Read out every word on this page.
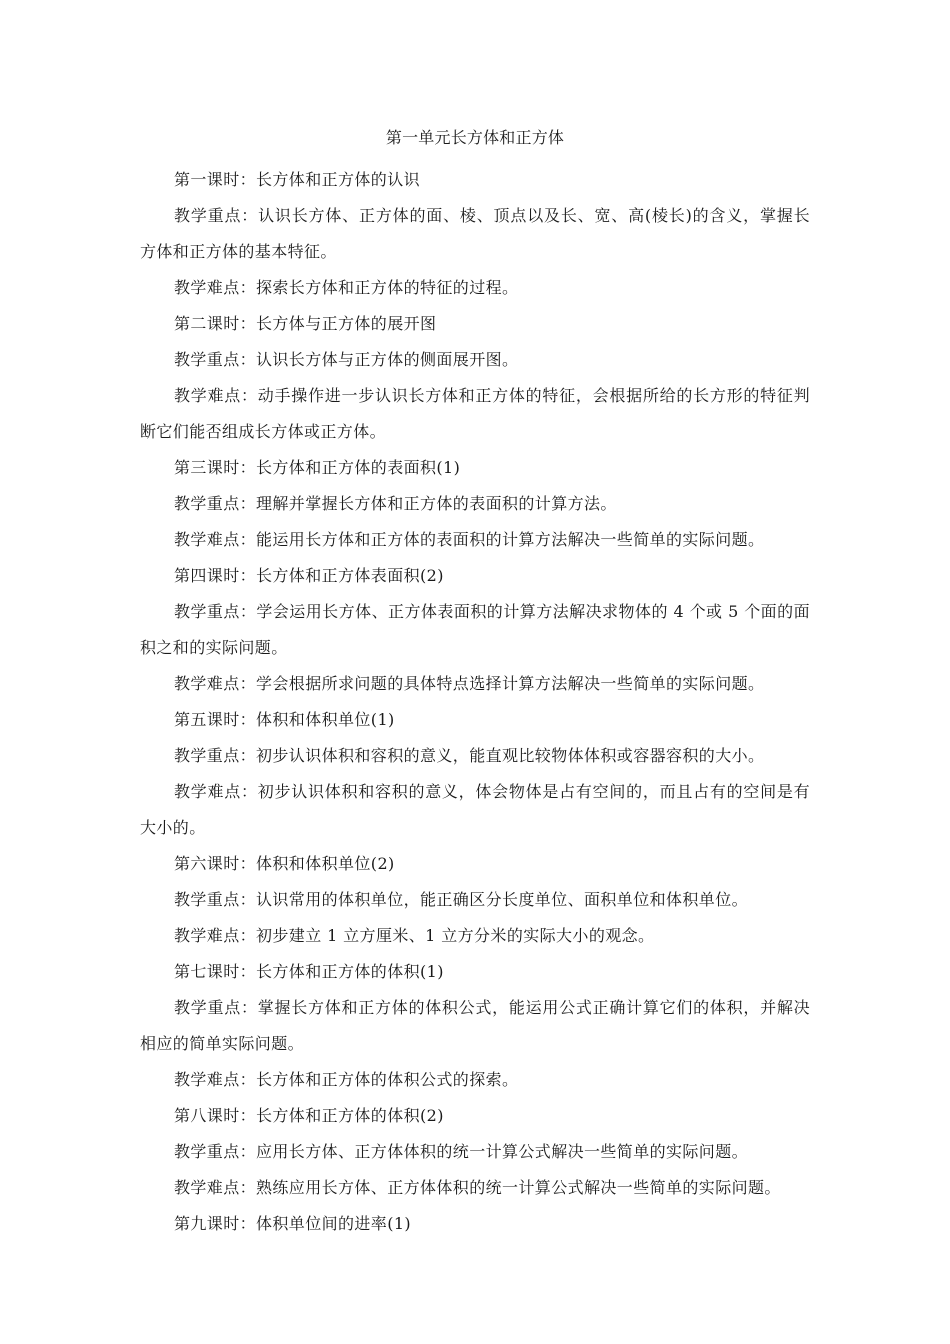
第一单元长方体和正方体

第一课时：长方体和正方体的认识

教学重点：认识长方体、正方体的面、棱、顶点以及长、宽、高(棱长)的含义，掌握长方体和正方体的基本特征。

教学难点：探索长方体和正方体的特征的过程。

第二课时：长方体与正方体的展开图

教学重点：认识长方体与正方体的侧面展开图。

教学难点：动手操作进一步认识长方体和正方体的特征，会根据所给的长方形的特征判断它们能否组成长方体或正方体。

第三课时：长方体和正方体的表面积(1)

教学重点：理解并掌握长方体和正方体的表面积的计算方法。

教学难点：能运用长方体和正方体的表面积的计算方法解决一些简单的实际问题。

第四课时：长方体和正方体表面积(2)

教学重点：学会运用长方体、正方体表面积的计算方法解决求物体的 4 个或 5 个面的面积之和的实际问题。

教学难点：学会根据所求问题的具体特点选择计算方法解决一些简单的实际问题。

第五课时：体积和体积单位(1)

教学重点：初步认识体积和容积的意义，能直观比较物体体积或容器容积的大小。

教学难点：初步认识体积和容积的意义，体会物体是占有空间的，而且占有的空间是有大小的。

第六课时：体积和体积单位(2)

教学重点：认识常用的体积单位，能正确区分长度单位、面积单位和体积单位。

教学难点：初步建立 1 立方厘米、1 立方分米的实际大小的观念。

第七课时：长方体和正方体的体积(1)

教学重点：掌握长方体和正方体的体积公式，能运用公式正确计算它们的体积，并解决相应的简单实际问题。

教学难点：长方体和正方体的体积公式的探索。

第八课时：长方体和正方体的体积(2)

教学重点：应用长方体、正方体体积的统一计算公式解决一些简单的实际问题。

教学难点：熟练应用长方体、正方体体积的统一计算公式解决一些简单的实际问题。

第九课时：体积单位间的进率(1)
